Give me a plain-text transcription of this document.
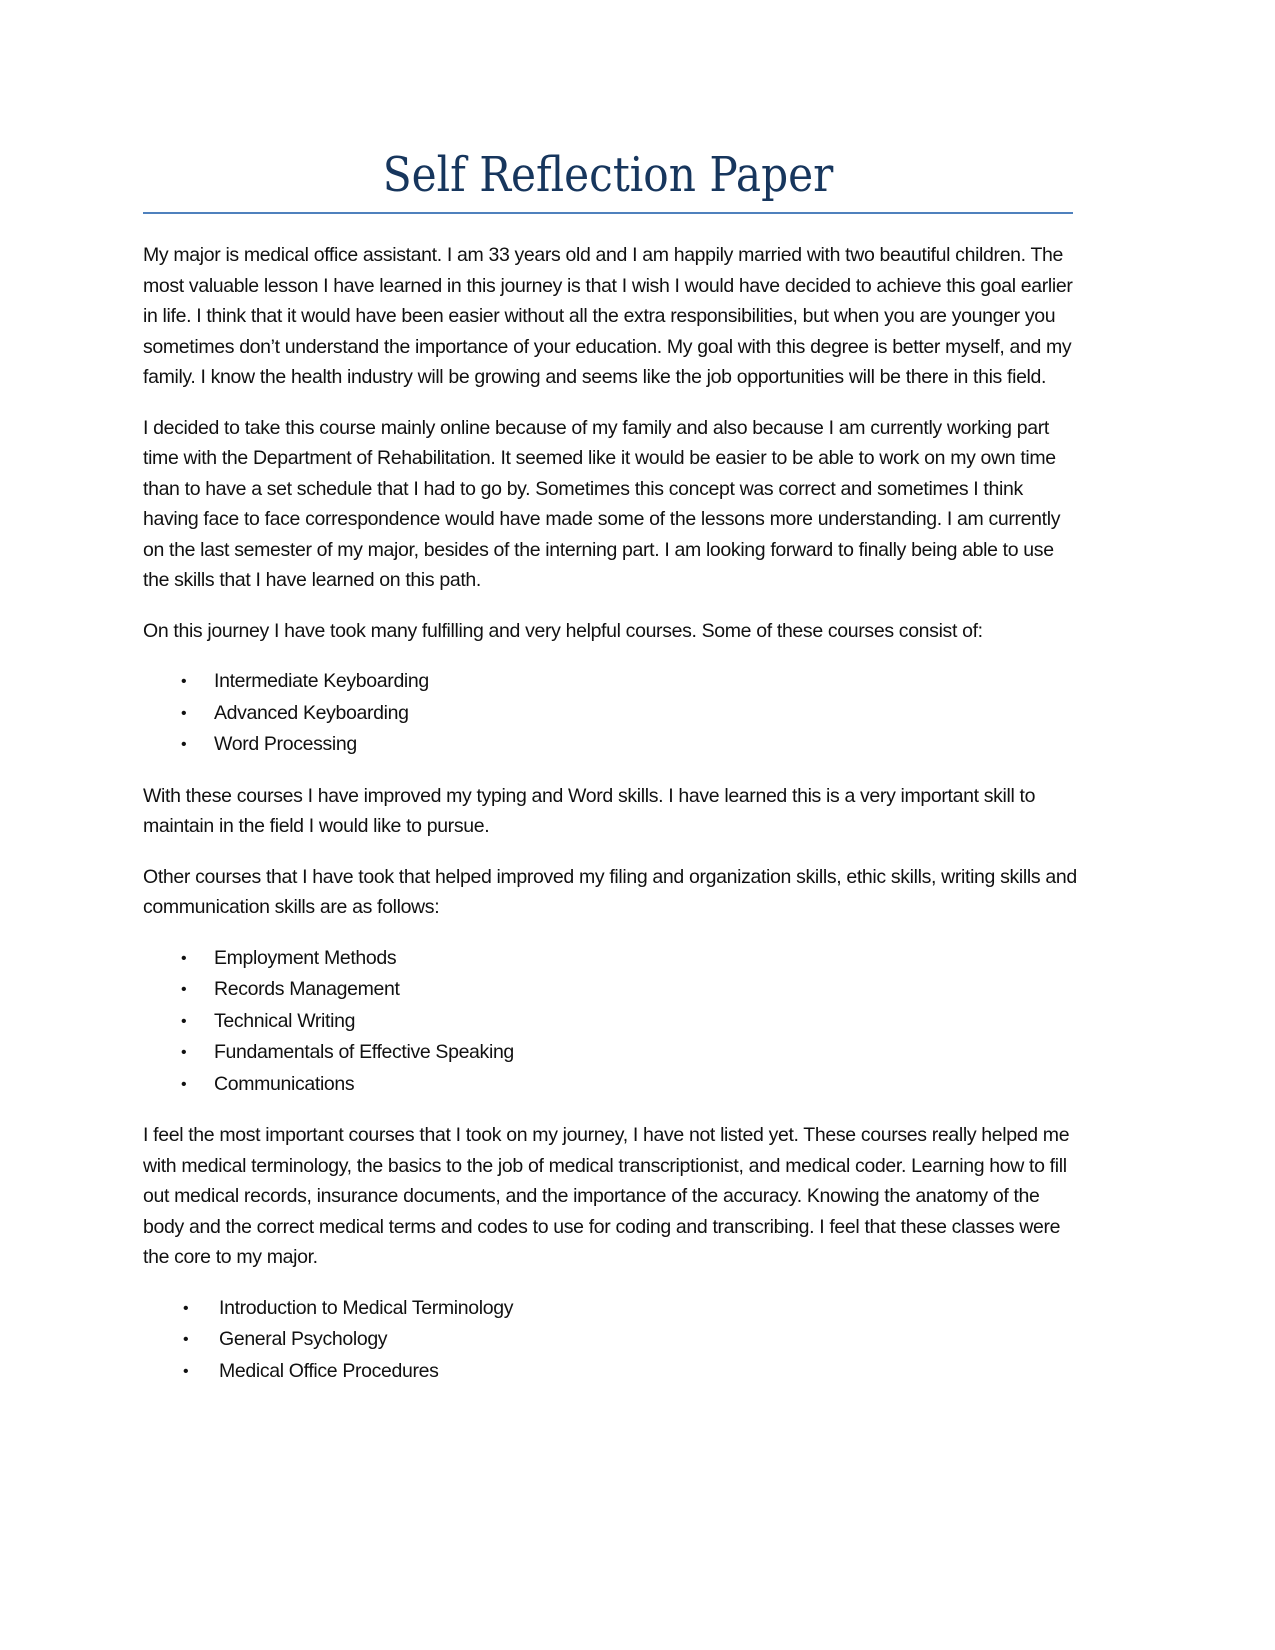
Self Reflection Paper

My major is medical office assistant. I am 33 years old and I am happily married with two beautiful children. The most valuable lesson I have learned in this journey is that I wish I would have decided to achieve this goal earlier in life. I think that it would have been easier without all the extra responsibilities, but when you are younger you sometimes don’t understand the importance of your education. My goal with this degree is better myself, and my family. I know the health industry will be growing and seems like the job opportunities will be there in this field.

I decided to take this course mainly online because of my family and also because I am currently working part time with the Department of Rehabilitation. It seemed like it would be easier to be able to work on my own time than to have a set schedule that I had to go by. Sometimes this concept was correct and sometimes I think having face to face correspondence would have made some of the lessons more understanding. I am currently on the last semester of my major, besides of the interning part. I am looking forward to finally being able to use the skills that I have learned on this path.

On this journey I have took many fulfilling and very helpful courses. Some of these courses consist of:

• Intermediate Keyboarding
• Advanced Keyboarding
• Word Processing

With these courses I have improved my typing and Word skills. I have learned this is a very important skill to maintain in the field I would like to pursue.

Other courses that I have took that helped improved my filing and organization skills, ethic skills, writing skills and communication skills are as follows:

• Employment Methods
• Records Management
• Technical Writing
• Fundamentals of Effective Speaking
• Communications

I feel the most important courses that I took on my journey, I have not listed yet. These courses really helped me with medical terminology, the basics to the job of medical transcriptionist, and medical coder. Learning how to fill out medical records, insurance documents, and the importance of the accuracy. Knowing the anatomy of the body and the correct medical terms and codes to use for coding and transcribing. I feel that these classes were the core to my major.

• Introduction to Medical Terminology
• General Psychology
• Medical Office Procedures
